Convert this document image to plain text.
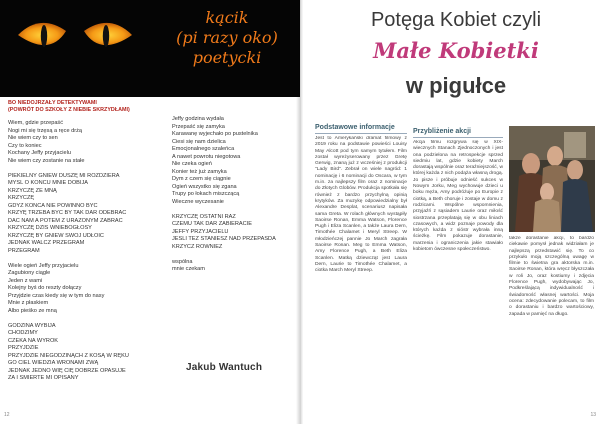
kącik
(pi razy oko)
poetycki
BO NIEDOJRZAŁY DETEKTYWAMI
(POWRÓT DO SZKOŁY Z NIEBIE SKRZYDŁAMI)
Wiem, gdzie przepaść
Nogi mi się trzęsą a ręce drżą
Nie wiem czy to sen
Czy to koniec
Kochany Jeffy przyjacielu
Nie wiem czy zostanie na stałe
PIEKIELNY GNIEW DUSZĘ MI ROZDZIERA
MYŚL O KOŃCU MNIE DOBIJA
KRZYCZĘ ZE MNĄ
KRZYCZĘ
GDYŻ KOŃCA NIE POWINNO BYĆ
KRZYĘ TRZEBA BYĆ BY TAK DAR ODEBRAĆ
DAĆ NAM A POTEM Z URAŻONYM ZABRAĆ
KRZYCZĘ DZIŚ WNIEBOGŁOSY
KRZYCZĘ BY GNIEW SWÓJ UDŁOIĆ
JEDNAK WALCZ PRZEGRAM
PRZEGRAM
Wiele ogień Jeffy przyjacielu
Zagubiony ciągle
Jeden z wami
Kolejny byś do reszty dołączy
Przyjdzie czas kiedy się w tym do nasy
Mnie z płaskiem
Albo pieśko ze mną
GODZINA WYBIJA
CHODZIMY
CZEKA NA WYROK
PRZYJDZIE
PRZYJDZIE NIEGODZINĄCH Z KOSĄ W RĘKU
GO CIEL WIEDZIA WRONAMI ŻWĄ
JEDNAK JEDNO WIĘ CIĘ DOBRZE OPASUJE
ZA I ŚMIERTE MI OPISANY
Jeffy godzina wydała
Przepaść się zamyka
Karawanę wyjechało po pustelnika
Ciesi się nam dzielica
Emocjonalnego szaleńca
A nawet powrotu niegotowa
Nie czeka ogień
Konier też już zamyka
Dym z czem się ciągnie
Ogień wszystko się zgana
Trupy po łokach miszczącą
Wieczne wyczesanie
KRZYCZĘ OSTATNI RAZ
CZEMU TAK DAR ZABIERACIE
JEFFY PRZYJACIELU
JESLI TEZ STANIESZ NAD PRZEPAŚDA
KRZYCZ RÓWNIEŻ
wspólna
mnie czekam
Jakub Wantuch
12
Potęga Kobiet czyli
Małe Kobietki
w pigułce
Podstawowe informacje
Jest to Amerykański dramat filmowy z 2019 roku na podstawie powieści Louisy May Alcott pod tym samym tytułem. Film został wyreżyserowany przez Gretę Gerwig, znaną już z wcześniej z produkcji "Lady Bird". Zebrał on wiele nagród: 1 nominację i 6 nominacji do Oscara, w tym m.in. za najlepszy film oraz 2 nominacje do Złotych Globów. Produkcja spotkała się również z bardzo przychylną opinią krytyków. Za muzykę odpowiedzialny był Alexandre Desplat, scenariusz napisała sama Greta. W rolach głównych wystąpiły Saoirse Ronan, Emma Watson, Florence Pugh i Eliza Scanlen, a także Laura Dern, Timothée Chalamet i Meryl Streep. W młodzieńczej pannie Jo March zagrała Saoirse Ronan. Meg to Emma Watson, Amy Florence Pugh, a Beth Eliza Scanlen. Matką dziewcząt jest Laura Dern, Laurie to Timothée Chalamet, a ciotka March Meryl Streep.
Przybliżenie akcji
Akcja filmu rozgrywa się w XIX-wiecznych Stanach Zjednoczonych i jest ona podzielona na retrospekcje sprzed siedmiu lat, gdzie kobiety March dorastają wspólnie oraz teraźniejszość, w której każda z nich podąża własną drogą. Jo pisze i próbuje odnieść sukces w Nowym Jorku, Meg wychowuje dzieci u boku męża, Amy podróżuje po Europie z ciotką, a Beth choruje i zostaje w domu z rodzicami. Wspólne wspomnienia, przyjaźń z sąsiadem Laurie oraz miłość siostrzana przeplatają się w obu liniach czasowych, a widz poznaje powody dla których każda z sióstr wybrała inną ścieżkę. Film pokazuje dorastanie, marzenia i ograniczenia jakie stawiało kobietom ówczesne społeczeństwo.
także dorastanie akcji, to bardzo ciekawie pomysł jednak widziałam je najlepszą przedstawić się. To co przykuło moją szczególną uwagę w filmie to świetna gra aktorska m.in. Saoirse Ronan, która wręcz błyszczała w roli Jo, oraz kostiumy i zdjęcia Florence Pugh, wydobywając Jo, Podkreślającą indywidualność i świadomość własnej wartości. Moja ocena: zdecydowanie polecam, to film o dorastaniu i bardzo wartościowy, zapada w pamięć na długo.
13
